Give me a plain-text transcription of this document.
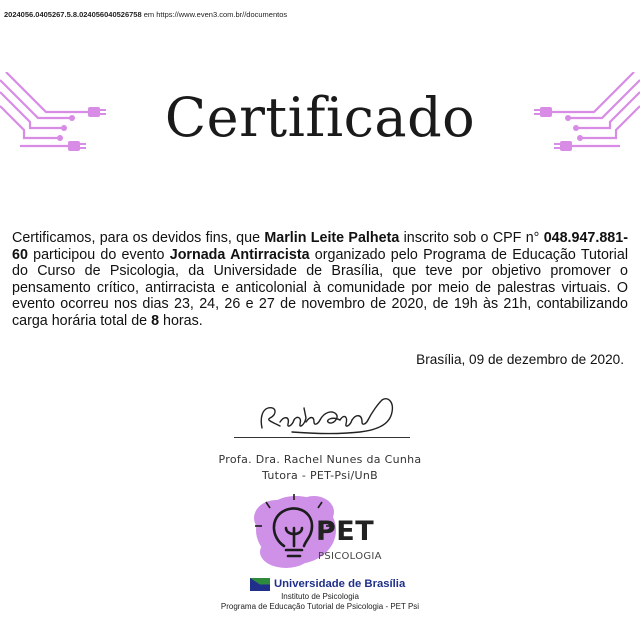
2024056.0405267.5.8.024056040526758 em https://www.even3.com.br//documentos
Certificado
Certificamos, para os devidos fins, que Marlin Leite Palheta inscrito sob o CPF n° 048.947.881-60 participou do evento Jornada Antirracista organizado pelo Programa de Educação Tutorial do Curso de Psicologia, da Universidade de Brasília, que teve por objetivo promover o pensamento crítico, antirracista e anticolonial à comunidade por meio de palestras virtuais. O evento ocorreu nos dias 23, 24, 26 e 27 de novembro de 2020, de 19h às 21h, contabilizando carga horária total de 8 horas.
Brasília, 09 de dezembro de 2020.
Profa. Dra. Rachel Nunes da Cunha
Tutora - PET-Psi/UnB
PET
PSICOLOGIA
Universidade de Brasília
Instituto de Psicologia
Programa de Educação Tutorial de Psicologia - PET Psi
